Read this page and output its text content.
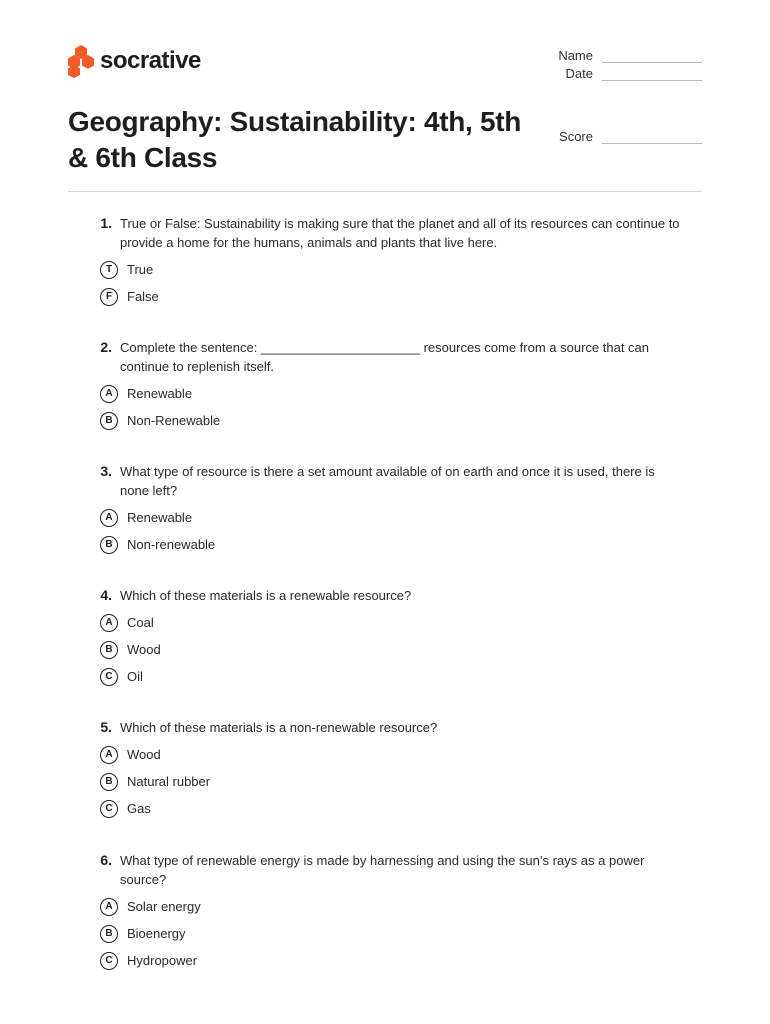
socrative	Name
Date
Score
Geography: Sustainability: 4th, 5th & 6th Class
1. True or False: Sustainability is making sure that the planet and all of its resources can continue to provide a home for the humans, animals and plants that live here.
T	True
F	False
2. Complete the sentence: ______________________ resources come from a source that can continue to replenish itself.
A	Renewable
B	Non-Renewable
3. What type of resource is there a set amount available of on earth and once it is used, there is none left?
A	Renewable
B	Non-renewable
4. Which of these materials is a renewable resource?
A	Coal
B	Wood
C	Oil
5. Which of these materials is a non-renewable resource?
A	Wood
B	Natural rubber
C	Gas
6. What type of renewable energy is made by harnessing and using the sun’s rays as a power source?
A	Solar energy
B	Bioenergy
C	Hydropower
